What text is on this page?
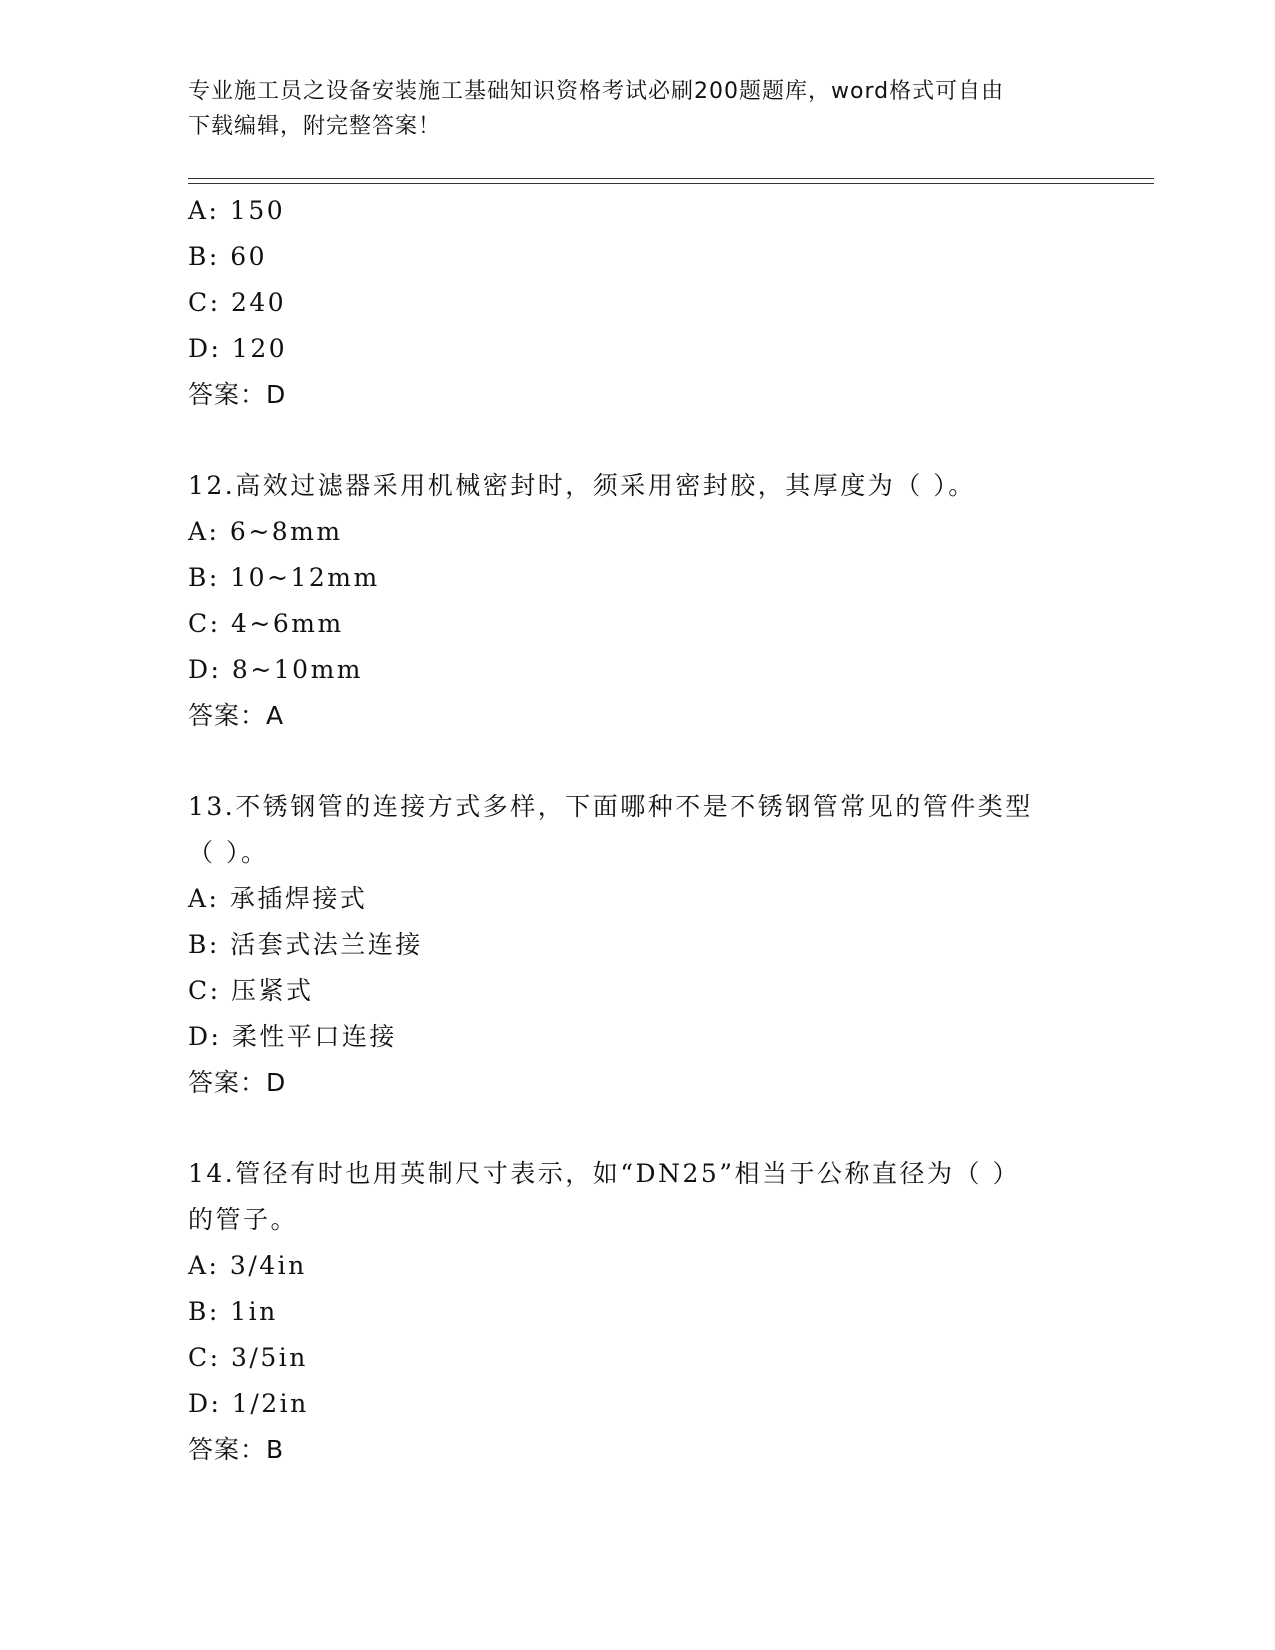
专业施工员之设备安装施工基础知识资格考试必刷200题题库，word格式可自由
下载编辑，附完整答案！
A: 150
B: 60
C: 240
D: 120
答案：D
12.高效过滤器采用机械密封时，须采用密封胶，其厚度为（ ）。
A: 6~8mm
B: 10~12mm
C: 4~6mm
D: 8~10mm
答案：A
13.不锈钢管的连接方式多样，下面哪种不是不锈钢管常见的管件类型
（ ）。
A: 承插焊接式
B: 活套式法兰连接
C: 压紧式
D: 柔性平口连接
答案：D
14.管径有时也用英制尺寸表示，如“DN25”相当于公称直径为（ ）
的管子。
A: 3/4in
B: 1in
C: 3/5in
D: 1/2in
答案：B
